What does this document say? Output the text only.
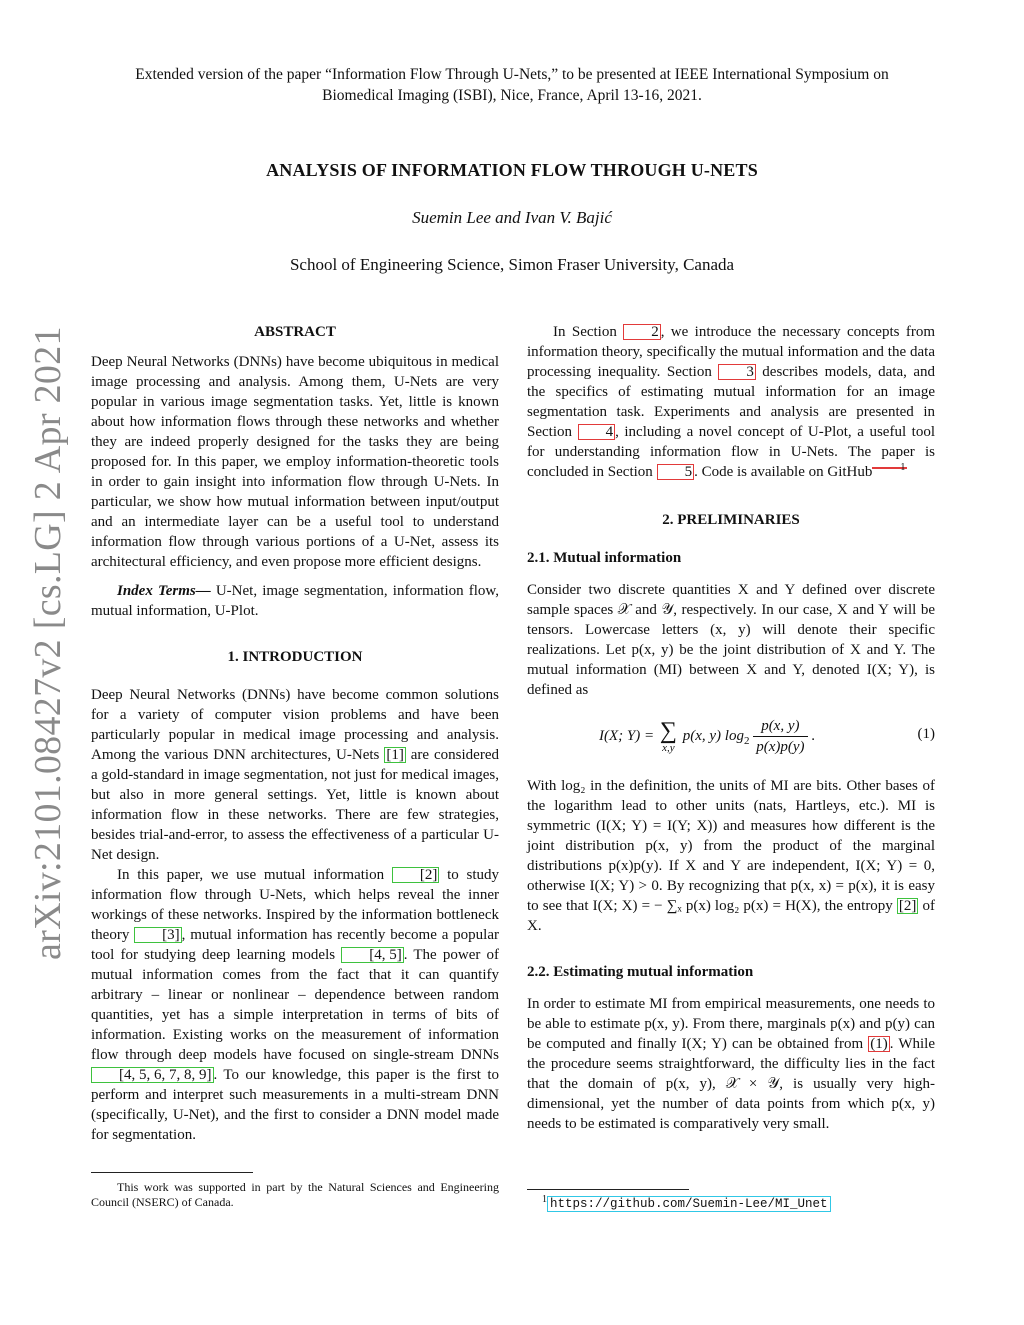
Extended version of the paper “Information Flow Through U-Nets,” to be presented at IEEE International Symposium on
Biomedical Imaging (ISBI), Nice, France, April 13-16, 2021.
ANALYSIS OF INFORMATION FLOW THROUGH U-NETS
Suemin Lee and Ivan V. Bajić
School of Engineering Science, Simon Fraser University, Canada
arXiv:2101.08427v2 [cs.LG] 2 Apr 2021	ABSTRACT

Deep Neural Networks (DNNs) have become ubiquitous in medical image processing and analysis. Among them, U-Nets are very popular in various image segmentation tasks. Yet, little is known about how information flows through these networks and whether they are indeed properly designed for the tasks they are being proposed for. In this paper, we employ information-theoretic tools in order to gain insight into information flow through U-Nets. In particular, we show how mutual information between input/output and an intermediate layer can be a useful tool to understand information flow through various portions of a U-Net, assess its architectural efficiency, and even propose more efficient designs.

Index Terms— U-Net, image segmentation, information flow, mutual information, U-Plot.

1. INTRODUCTION

Deep Neural Networks (DNNs) have become common solutions for a variety of computer vision problems and have been particularly popular in medical image processing and analysis. Among the various DNN architectures, U-Nets [1] are considered a gold-standard in image segmentation, not just for medical images, but also in more general settings. Yet, little is known about information flow in these networks. There are few strategies, besides trial-and-error, to assess the effectiveness of a particular U-Net design.

In this paper, we use mutual information [2] to study information flow through U-Nets, which helps reveal the inner workings of these networks. Inspired by the information bottleneck theory [3] , mutual information has recently become a popular tool for studying deep learning models [4, 5] . The power of mutual information comes from the fact that it can quantify arbitrary – linear or nonlinear – dependence between random quantities, yet has a simple interpretation in terms of bits of information. Existing works on the measurement of information flow through deep models have focused on single-stream DNNs [4, 5, 6, 7, 8, 9] . To our knowledge, this paper is the first to perform and interpret such measurements in a multi-stream DNN (specifically, U-Net), and the first to consider a DNN model made for segmentation.

This work was supported in part by the Natural Sciences and Engineering Council (NSERC) of Canada.

In Section 2 , we introduce the necessary concepts from information theory, specifically the mutual information and the data processing inequality. Section 3 describes models, data, and the specifics of estimating mutual information for an image segmentation task. Experiments and analysis are presented in Section 4 , including a novel concept of U-Plot, a useful tool for understanding information flow in U-Nets. The paper is concluded in Section 5 . Code is available on GitHub	1

2. PRELIMINARIES
2.1. Mutual information

Consider two discrete quantities X and Y defined over discrete sample spaces 𝒳 and 𝒴, respectively. In our case, X and Y will be tensors. Lowercase letters (x, y) will denote their specific realizations. Let p(x, y) be the joint distribution of X and Y. The mutual information (MI) between X and Y, denoted I(X; Y), is defined as

I(X; Y) = ∑
x,y
p(x, y) $\log_2 \frac{p(x, y)}{p(x)p(y)}$ .	(1)

With log₂ in the definition, the units of MI are bits. Other bases of the logarithm lead to other units (nats, Hartleys, etc.). MI is symmetric (I(X; Y) = I(Y; X)) and measures how different is the joint distribution p(x, y) from the product of the marginal distributions p(x)p(y). If X and Y are independent, I(X; Y) = 0, otherwise I(X; Y) > 0. By recognizing that p(x, x) = p(x), it is easy to see that I(X; X) = − ∑ₓ p(x) log₂ p(x) = H(X), the entropy [2] of X.

2.2. Estimating mutual information

In order to estimate MI from empirical measurements, one needs to be able to estimate p(x, y). From there, marginals p(x) and p(y) can be computed and finally I(X; Y) can be obtained from (1) . While the procedure seems straightforward, the difficulty lies in the fact that the domain of p(x, y), 𝒳 × 𝒴, is usually very high-dimensional, yet the number of data points from which p(x, y) needs to be estimated is comparatively very small.

$^1$ https://github.com/Suemin-Lee/MI_Unet
